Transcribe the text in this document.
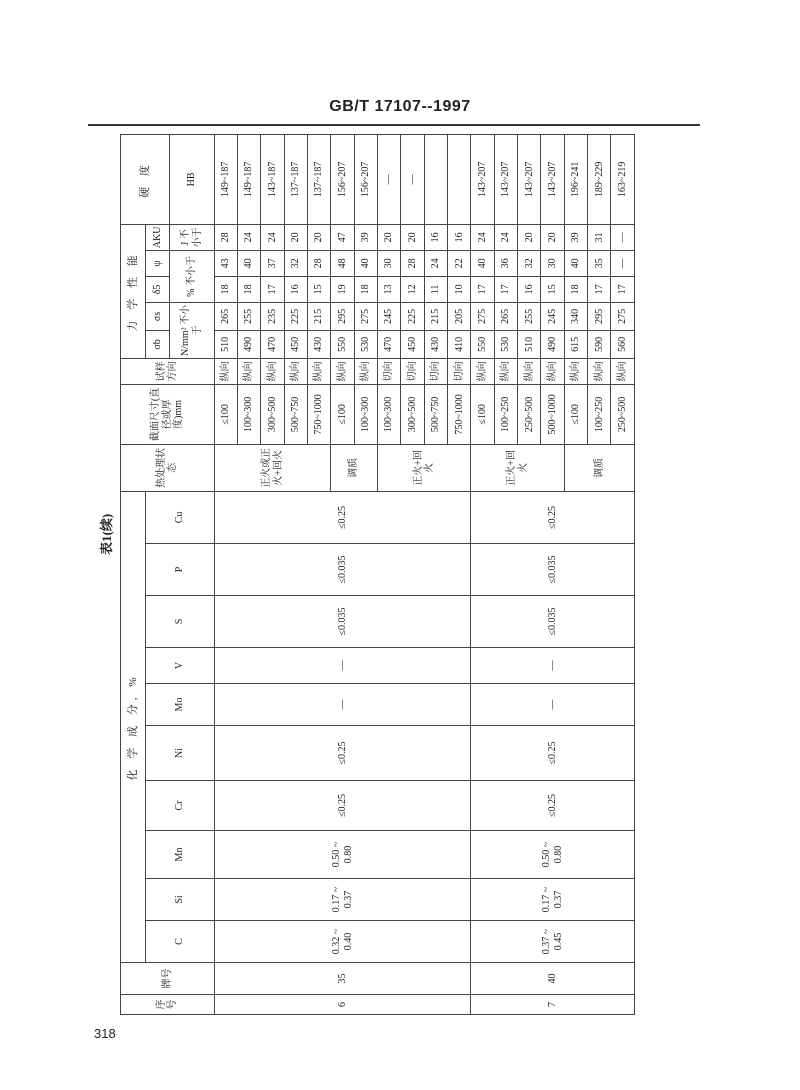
GB/T 17107--1997
表1(续)
序号	牌号	化 学 成 分, %										热处理状态	截面尺寸(直径或厚度)mm	试样方向	力 学 性 能					硬 度
		C	Si	Mn	Cr	Ni	Mo	V	S	P	Cu				σb	σs	δ5	ψ	AKU	
															N/mm² 不小于		% 不小于		J 不小于	HB
6	35	0.32 ~ 0.40	0.17 ~ 0.37	0.50 ~ 0.80	≤0.25	≤0.25	—	—	≤0.035	≤0.035	≤0.25	正火或正火+回火	≤100	纵向	510	265	18	43	28	149~187
													100~300	纵向	490	255	18	40	24	149~187
													300~500	纵向	470	235	17	37	24	143~187
													500~750	纵向	450	225	16	32	20	137~187
													750~1000	纵向	430	215	15	28	20	137~187
												调质	≤100	纵向	550	295	19	48	47	156~207
													100~300	纵向	530	275	18	40	39	156~207
												正火+回火	100~300	切向	470	245	13	30	20	—
													300~500	切向	450	225	12	28	20	—
													500~750	切向	430	215	11	24	16	
													750~1000	切向	410	205	10	22	16	
7	40	0.37 ~ 0.45	0.17 ~ 0.37	0.50 ~ 0.80	≤0.25	≤0.25	—	—	≤0.035	≤0.035	≤0.25	正火+回火	≤100	纵向	550	275	17	40	24	143~207
													100~250	纵向	530	265	17	36	24	143~207
													250~500	纵向	510	255	16	32	20	143~207
													500~1000	纵向	490	245	15	30	20	143~207
												调质	≤100	纵向	615	340	18	40	39	196~241
													100~250	纵向	590	295	17	35	31	189~229
													250~500	纵向	560	275	17	—	—	163~219
318
